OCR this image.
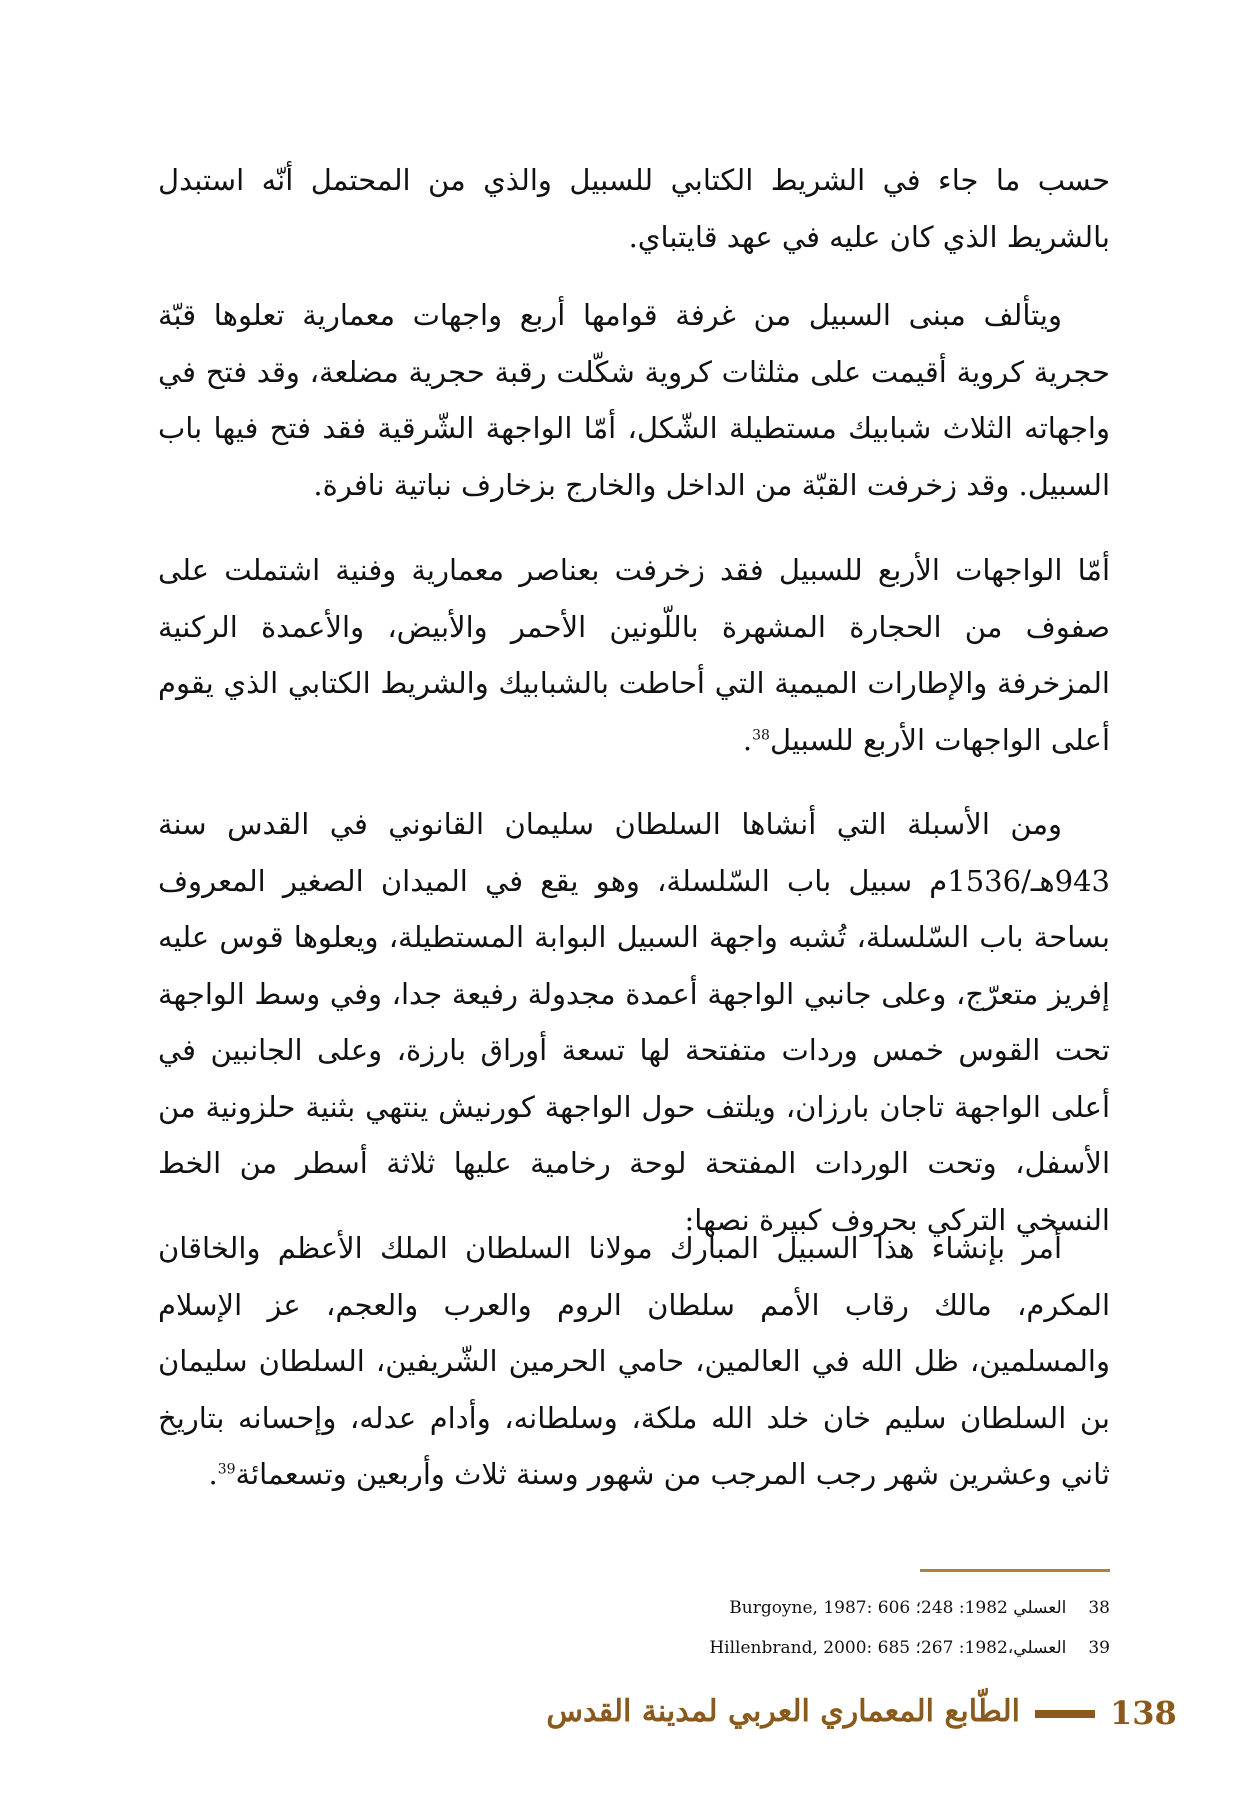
حسب ما جاء في الشريط الكتابي للسبيل والذي من المحتمل أنّه استبدل بالشريط الذي كان عليه في عهد قايتباي.

ويتألف مبنى السبيل من غرفة قوامها أربع واجهات معمارية تعلوها قبّة حجرية كروية أقيمت على مثلثات كروية شكّلت رقبة حجرية مضلعة، وقد فتح في واجهاته الثلاث شبابيك مستطيلة الشّكل، أمّا الواجهة الشّرقية فقد فتح فيها باب السبيل. وقد زخرفت القبّة من الداخل والخارج بزخارف نباتية نافرة.

أمّا الواجهات الأربع للسبيل فقد زخرفت بعناصر معمارية وفنية اشتملت على صفوف من الحجارة المشهرة باللّونين الأحمر والأبيض، والأعمدة الركنية المزخرفة والإطارات الميمية التي أحاطت بالشبابيك والشريط الكتابي الذي يقوم أعلى الواجهات الأربع للسبيل$^{38}$.

ومن الأسبلة التي أنشاها السلطان سليمان القانوني في القدس سنة 943هـ/1536م سبيل باب السّلسلة، وهو يقع في الميدان الصغير المعروف بساحة باب السّلسلة، تُشبه واجهة السبيل البوابة المستطيلة، ويعلوها قوس عليه إفريز متعرّج، وعلى جانبي الواجهة أعمدة مجدولة رفيعة جدا، وفي وسط الواجهة تحت القوس خمس وردات متفتحة لها تسعة أوراق بارزة، وعلى الجانبين في أعلى الواجهة تاجان بارزان، ويلتف حول الواجهة كورنيش ينتهي بثنية حلزونية من الأسفل، وتحت الوردات المفتحة لوحة رخامية عليها ثلاثة أسطر من الخط النسخي التركي بحروف كبيرة نصها:

أمر بإنشاء هذا السبيل المبارك مولانا السلطان الملك الأعظم والخاقان المكرم، مالك رقاب الأمم سلطان الروم والعرب والعجم، عز الإسلام والمسلمين، ظل الله في العالمين، حامي الحرمين الشّريفين، السلطان سليمان بن السلطان سليم خان خلد الله ملكة، وسلطانه، وأدام عدله، وإحسانه بتاريخ ثاني وعشرين شهر رجب المرجب من شهور وسنة ثلاث وأربعين وتسعمائة$^{39}$.

38العسلي 1982: 248؛ Burgoyne, 1987: 606

39العسلي،1982: 267؛ Hillenbrand, 2000: 685

138
الطّابع المعماري العربي لمدينة القدس
